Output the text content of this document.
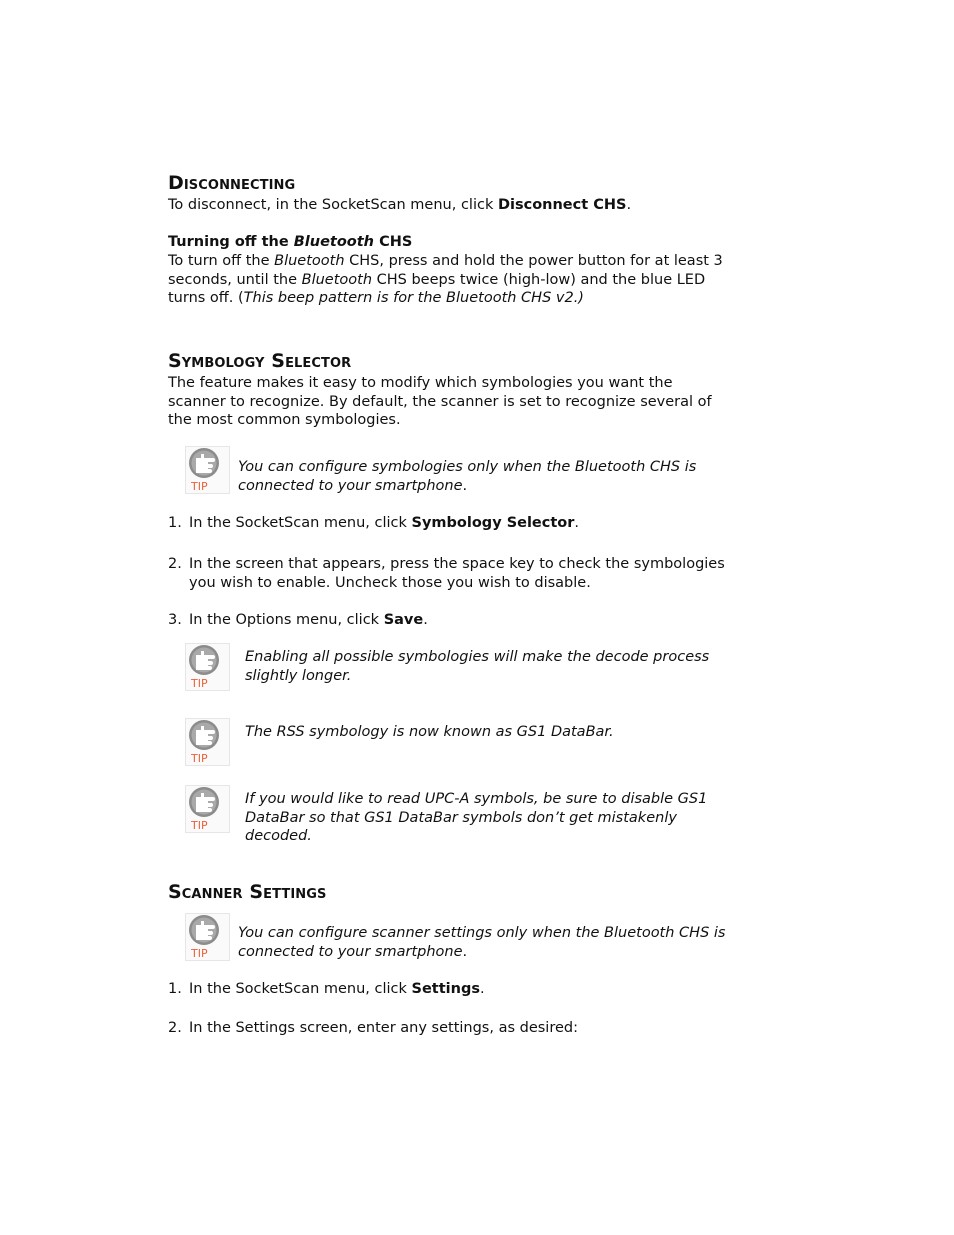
Disconnecting

To disconnect, in the SocketScan menu, click Disconnect CHS.

Turning off the Bluetooth CHS

To turn off the Bluetooth CHS, press and hold the power button for at least 3 seconds, until the Bluetooth CHS beeps twice (high-low) and the blue LED turns off. (This beep pattern is for the Bluetooth CHS v2.)

Symbology Selector

The feature makes it easy to modify which symbologies you want the scanner to recognize. By default, the scanner is set to recognize several of the most common symbologies.

TIP

You can configure symbologies only when the Bluetooth CHS is connected to your smartphone.

1. In the SocketScan menu, click Symbology Selector.
2. In the screen that appears, press the space key to check the symbologies you wish to enable. Uncheck those you wish to disable.
3. In the Options menu, click Save.
TIP

Enabling all possible symbologies will make the decode process slightly longer.

TIP

The RSS symbology is now known as GS1 DataBar.

TIP

If you would like to read UPC-A symbols, be sure to disable GS1 DataBar so that GS1 DataBar symbols don’t get mistakenly decoded.

Scanner Settings
TIP

You can configure scanner settings only when the Bluetooth CHS is connected to your smartphone.

1. In the SocketScan menu, click Settings.
2. In the Settings screen, enter any settings, as desired:
